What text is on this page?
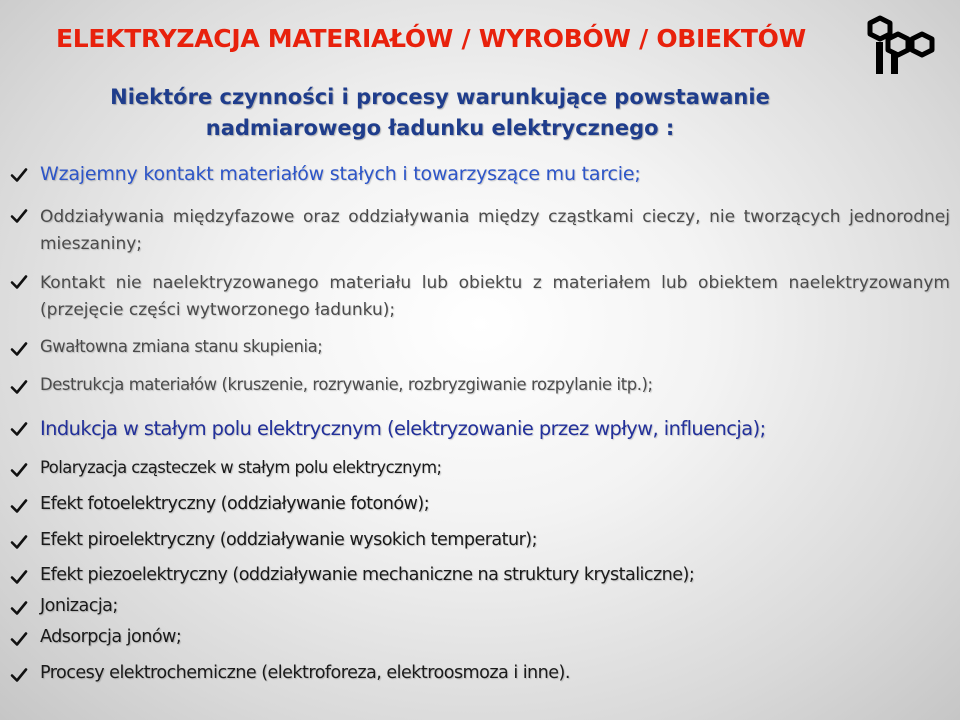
ELEKTRYZACJA MATERIAŁÓW / WYROBÓW / OBIEKTÓW
Niektóre czynności i procesy warunkujące powstawanie
nadmiarowego ładunku elektrycznego :
Wzajemny kontakt materiałów stałych i towarzyszące mu tarcie;
Oddziaływania międzyfazowe oraz oddziaływania między cząstkami cieczy, nie tworzących jednorodnej mieszaniny;
Kontakt nie naelektryzowanego materiału lub obiektu z materiałem lub obiektem naelektryzowanym (przejęcie części wytworzonego ładunku);
Gwałtowna zmiana stanu skupienia;
Destrukcja materiałów (kruszenie, rozrywanie, rozbryzgiwanie rozpylanie itp.);
Indukcja w stałym polu elektrycznym (elektryzowanie przez wpływ, influencja);
Polaryzacja cząsteczek w stałym polu elektrycznym;
Efekt fotoelektryczny (oddziaływanie fotonów);
Efekt piroelektryczny (oddziaływanie wysokich temperatur);
Efekt piezoelektryczny (oddziaływanie mechaniczne na struktury krystaliczne);
Jonizacja;
Adsorpcja jonów;
Procesy elektrochemiczne (elektroforeza, elektroosmoza i inne).
